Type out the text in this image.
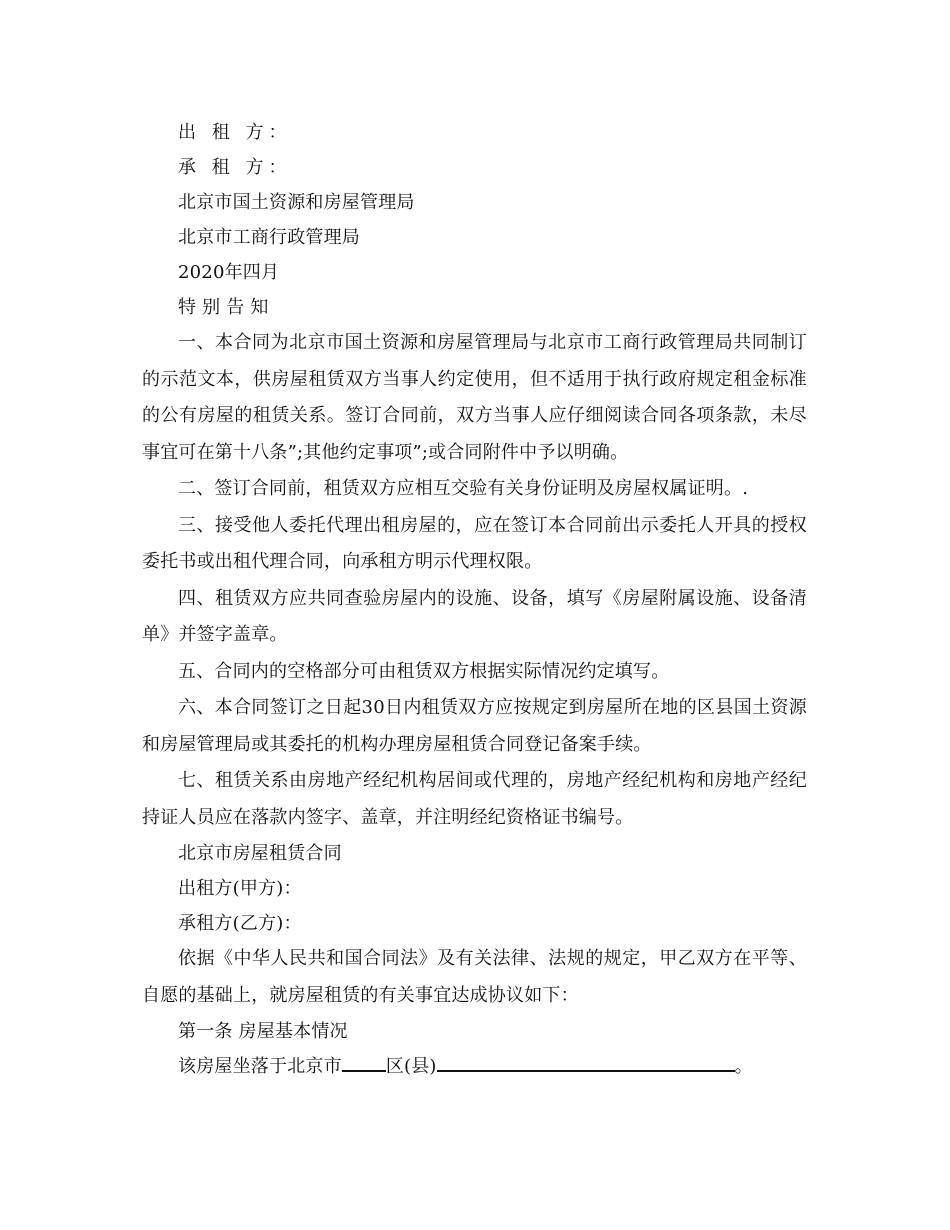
出 租 方：
承 租 方：
北京市国土资源和房屋管理局
北京市工商行政管理局
2020年四月
特 别 告 知

一、本合同为北京市国土资源和房屋管理局与北京市工商行政管理局共同制订的示范文本，供房屋租赁双方当事人约定使用，但不适用于执行政府规定租金标准的公有房屋的租赁关系。签订合同前，双方当事人应仔细阅读合同各项条款，未尽事宜可在第十八条”;其他约定事项”;或合同附件中予以明确。

二、签订合同前，租赁双方应相互交验有关身份证明及房屋权属证明。.

三、接受他人委托代理出租房屋的，应在签订本合同前出示委托人开具的授权委托书或出租代理合同，向承租方明示代理权限。

四、租赁双方应共同查验房屋内的设施、设备，填写《房屋附属设施、设备清单》并签字盖章。

五、合同内的空格部分可由租赁双方根据实际情况约定填写。

六、本合同签订之日起30日内租赁双方应按规定到房屋所在地的区县国土资源和房屋管理局或其委托的机构办理房屋租赁合同登记备案手续。

七、租赁关系由房地产经纪机构居间或代理的，房地产经纪机构和房地产经纪持证人员应在落款内签字、盖章，并注明经纪资格证书编号。

北京市房屋租赁合同
出租方(甲方)：
承租方(乙方)：

依据《中华人民共和国合同法》及有关法律、法规的规定，甲乙双方在平等、自愿的基础上，就房屋租赁的有关事宜达成协议如下：

第一条 房屋基本情况
该房屋坐落于北京市 区(县)	。
